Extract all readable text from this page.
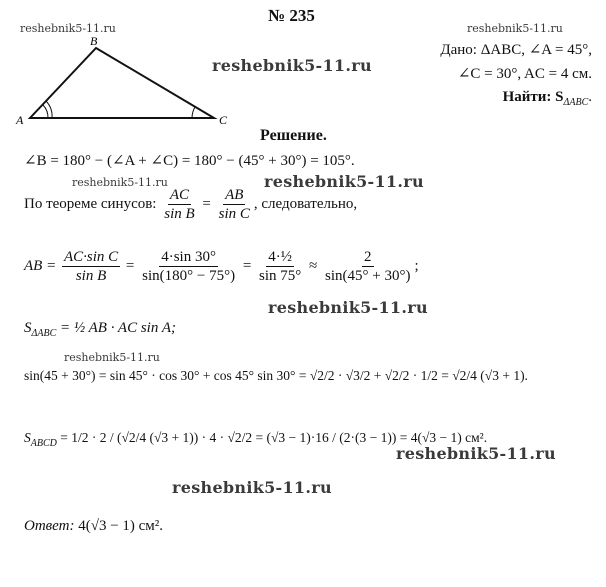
№ 235
reshebnik5-11.ru	reshebnik5-11.ru
reshebnik5-11.ru
reshebnik5-11.ru	reshebnik5-11.ru
reshebnik5-11.ru
reshebnik5-11.ru
reshebnik5-11.ru
reshebnik5-11.ru
A
B
C
Дано: ΔABC, ∠A = 45°,
∠C = 30°, AC = 4 см.
Найти: $S_{\Delta ABC}$.
Решение.
∠B = 180° − (∠A + ∠C) = 180° − (45° + 30°) = 105°.
По теореме синусов: $\frac{AC}{\text{sin B}} = \frac{AB}{\text{sin C}}$ , следовательно,
AB = $\frac{\text{AC·sin C}}{\text{sin B}} = \frac{4\cdot\sin 30^\circ}{\sin(180^\circ - 75^\circ)} = \frac{\text{4·½}}{\sin 75^\circ} \approx \frac{2}{\sin(45^\circ + 30^\circ)}$ ;
$S_{\Delta ABC}$ = ½ AB · AC sin A;
sin(45 + 30°) = sin 45° · cos 30° + cos 45° sin 30° = √2/2 · √3/2 + √2/2 · 1/2 = √2/4 (√3 + 1).
$S_{ABCD} = 1/2 \cdot 2 / (√2/4$ (√3 + 1)) · 4 · √2/2 = (√3 − 1)·16 / (2·(3 − 1)) = 4(√3 − 1) см².
Ответ: 4(√3 − 1) см².
